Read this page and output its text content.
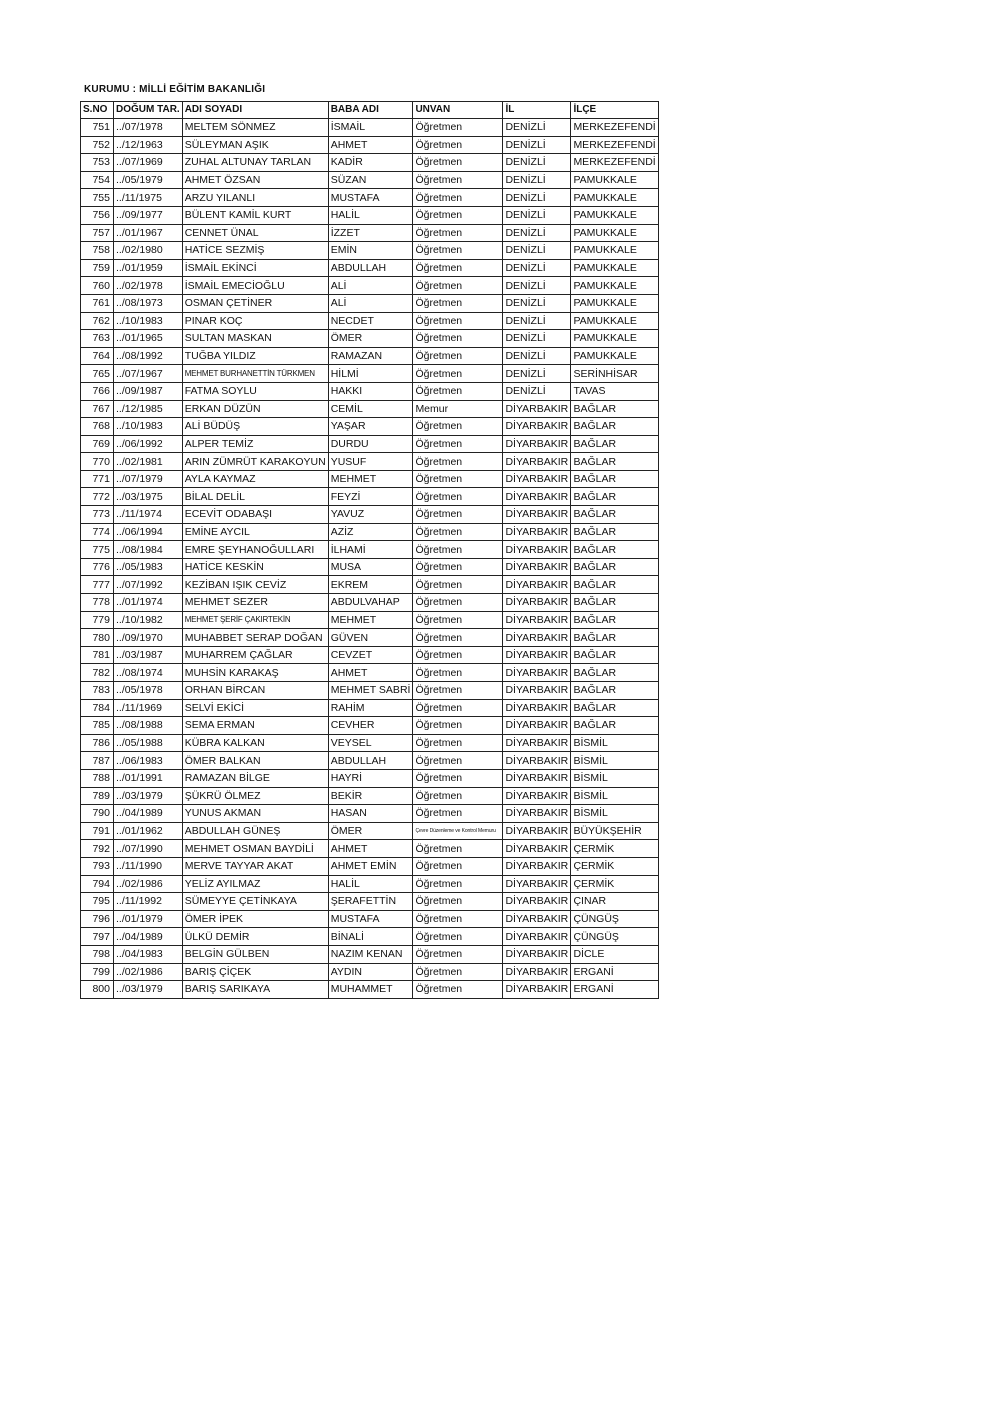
KURUMU : MİLLİ EĞİTİM BAKANLIĞI
S.NO	DOĞUM TAR.	ADI SOYADI	BABA ADI	UNVAN	İL	İLÇE
751	../07/1978	MELTEM SÖNMEZ	İSMAİL	Öğretmen	DENİZLİ	MERKEZEFENDİ
752	../12/1963	SÜLEYMAN AŞIK	AHMET	Öğretmen	DENİZLİ	MERKEZEFENDİ
753	../07/1969	ZUHAL ALTUNAY TARLAN	KADİR	Öğretmen	DENİZLİ	MERKEZEFENDİ
754	../05/1979	AHMET ÖZSAN	SÜZAN	Öğretmen	DENİZLİ	PAMUKKALE
755	../11/1975	ARZU YILANLI	MUSTAFA	Öğretmen	DENİZLİ	PAMUKKALE
756	../09/1977	BÜLENT KAMİL KURT	HALİL	Öğretmen	DENİZLİ	PAMUKKALE
757	../01/1967	CENNET ÜNAL	İZZET	Öğretmen	DENİZLİ	PAMUKKALE
758	../02/1980	HATİCE SEZMİŞ	EMİN	Öğretmen	DENİZLİ	PAMUKKALE
759	../01/1959	İSMAİL EKİNCİ	ABDULLAH	Öğretmen	DENİZLİ	PAMUKKALE
760	../02/1978	İSMAİL EMECİOĞLU	ALİ	Öğretmen	DENİZLİ	PAMUKKALE
761	../08/1973	OSMAN ÇETİNER	ALİ	Öğretmen	DENİZLİ	PAMUKKALE
762	../10/1983	PINAR KOÇ	NECDET	Öğretmen	DENİZLİ	PAMUKKALE
763	../01/1965	SULTAN MASKAN	ÖMER	Öğretmen	DENİZLİ	PAMUKKALE
764	../08/1992	TUĞBA YILDIZ	RAMAZAN	Öğretmen	DENİZLİ	PAMUKKALE
765	../07/1967	MEHMET BURHANETTİN TÜRKMEN	HİLMİ	Öğretmen	DENİZLİ	SERİNHİSAR
766	../09/1987	FATMA SOYLU	HAKKI	Öğretmen	DENİZLİ	TAVAS
767	../12/1985	ERKAN DÜZÜN	CEMİL	Memur	DİYARBAKIR	BAĞLAR
768	../10/1983	ALİ BÜDÜŞ	YAŞAR	Öğretmen	DİYARBAKIR	BAĞLAR
769	../06/1992	ALPER TEMİZ	DURDU	Öğretmen	DİYARBAKIR	BAĞLAR
770	../02/1981	ARIN ZÜMRÜT KARAKOYUN	YUSUF	Öğretmen	DİYARBAKIR	BAĞLAR
771	../07/1979	AYLA KAYMAZ	MEHMET	Öğretmen	DİYARBAKIR	BAĞLAR
772	../03/1975	BİLAL DELİL	FEYZİ	Öğretmen	DİYARBAKIR	BAĞLAR
773	../11/1974	ECEVİT ODABAŞI	YAVUZ	Öğretmen	DİYARBAKIR	BAĞLAR
774	../06/1994	EMİNE AYCIL	AZİZ	Öğretmen	DİYARBAKIR	BAĞLAR
775	../08/1984	EMRE ŞEYHANOĞULLARI	İLHAMİ	Öğretmen	DİYARBAKIR	BAĞLAR
776	../05/1983	HATİCE KESKİN	MUSA	Öğretmen	DİYARBAKIR	BAĞLAR
777	../07/1992	KEZİBAN IŞIK CEVİZ	EKREM	Öğretmen	DİYARBAKIR	BAĞLAR
778	../01/1974	MEHMET SEZER	ABDULVAHAP	Öğretmen	DİYARBAKIR	BAĞLAR
779	../10/1982	MEHMET ŞERİF ÇAKIRTEKİN	MEHMET	Öğretmen	DİYARBAKIR	BAĞLAR
780	../09/1970	MUHABBET SERAP DOĞAN	GÜVEN	Öğretmen	DİYARBAKIR	BAĞLAR
781	../03/1987	MUHARREM ÇAĞLAR	CEVZET	Öğretmen	DİYARBAKIR	BAĞLAR
782	../08/1974	MUHSİN KARAKAŞ	AHMET	Öğretmen	DİYARBAKIR	BAĞLAR
783	../05/1978	ORHAN BİRCAN	MEHMET SABRİ	Öğretmen	DİYARBAKIR	BAĞLAR
784	../11/1969	SELVİ EKİCİ	RAHİM	Öğretmen	DİYARBAKIR	BAĞLAR
785	../08/1988	SEMA ERMAN	CEVHER	Öğretmen	DİYARBAKIR	BAĞLAR
786	../05/1988	KÜBRA KALKAN	VEYSEL	Öğretmen	DİYARBAKIR	BİSMİL
787	../06/1983	ÖMER BALKAN	ABDULLAH	Öğretmen	DİYARBAKIR	BİSMİL
788	../01/1991	RAMAZAN BİLGE	HAYRİ	Öğretmen	DİYARBAKIR	BİSMİL
789	../03/1979	ŞÜKRÜ ÖLMEZ	BEKİR	Öğretmen	DİYARBAKIR	BİSMİL
790	../04/1989	YUNUS AKMAN	HASAN	Öğretmen	DİYARBAKIR	BİSMİL
791	../01/1962	ABDULLAH GÜNEŞ	ÖMER	Çevre Düzenleme ve Kontrol Memuru	DİYARBAKIR	BÜYÜKŞEHİR
792	../07/1990	MEHMET OSMAN BAYDİLİ	AHMET	Öğretmen	DİYARBAKIR	ÇERMİK
793	../11/1990	MERVE TAYYAR AKAT	AHMET EMİN	Öğretmen	DİYARBAKIR	ÇERMİK
794	../02/1986	YELİZ AYILMAZ	HALİL	Öğretmen	DİYARBAKIR	ÇERMİK
795	../11/1992	SÜMEYYE ÇETİNKAYA	ŞERAFETTİN	Öğretmen	DİYARBAKIR	ÇINAR
796	../01/1979	ÖMER İPEK	MUSTAFA	Öğretmen	DİYARBAKIR	ÇÜNGÜŞ
797	../04/1989	ÜLKÜ DEMİR	BİNALİ	Öğretmen	DİYARBAKIR	ÇÜNGÜŞ
798	../04/1983	BELGİN GÜLBEN	NAZIM KENAN	Öğretmen	DİYARBAKIR	DİCLE
799	../02/1986	BARIŞ ÇİÇEK	AYDIN	Öğretmen	DİYARBAKIR	ERGANİ
800	../03/1979	BARIŞ SARIKAYA	MUHAMMET	Öğretmen	DİYARBAKIR	ERGANİ
